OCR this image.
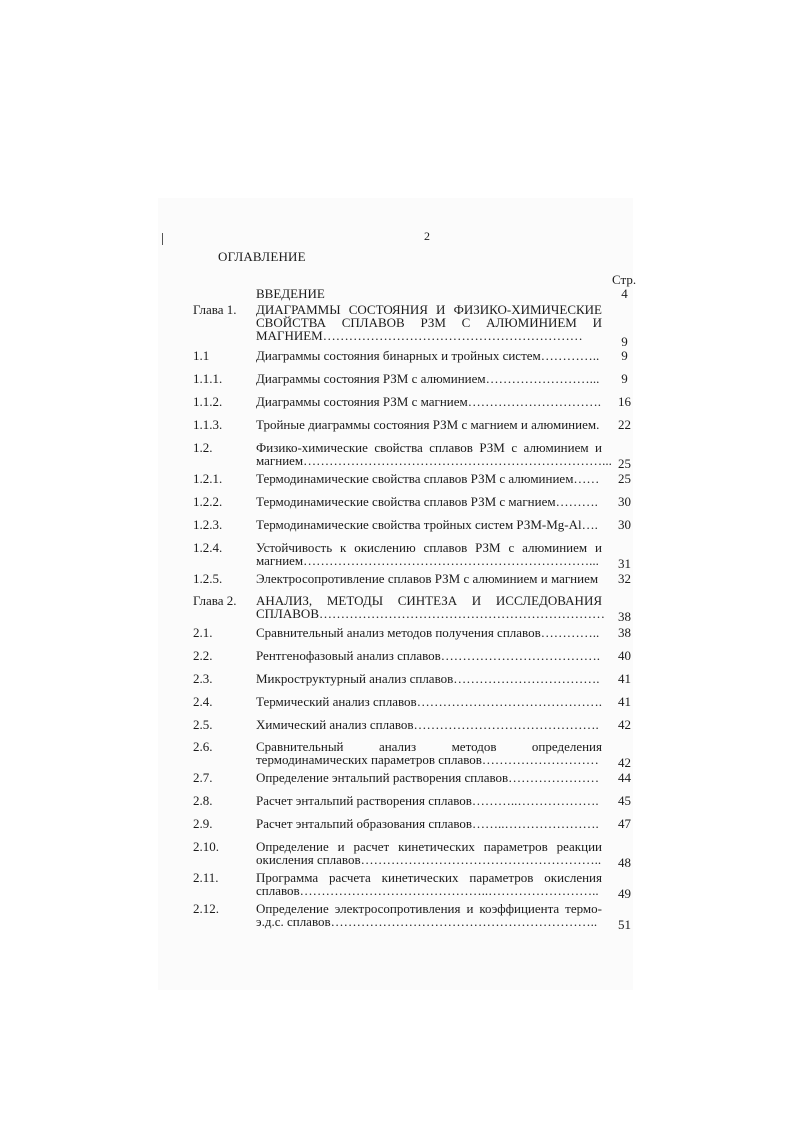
2
ОГЛАВЛЕНИЕ
Стр.
ВВЕДЕНИЕ	4
Глава 1. ДИАГРАММЫ СОСТОЯНИЯ И ФИЗИКО-ХИМИЧЕСКИЕ СВОЙСТВА СПЛАВОВ РЗМ С АЛЮМИНИЕМ И МАГНИЕМ……………………………………………………	9
1.1	Диаграммы состояния бинарных и тройных систем…………..	9
1.1.1.	Диаграммы состояния РЗМ с алюминием……………………...	9
1.1.2.	Диаграммы состояния РЗМ с магнием………………………….	16
1.1.3.	Тройные диаграммы состояния РЗМ с магнием и алюминием.	22
1.2.	Физико-химические свойства сплавов РЗМ с алюминием и магнием……………………………………………………………... 25
1.2.1.	Термодинамические свойства сплавов РЗМ с алюминием……	25
1.2.2.	Термодинамические свойства сплавов РЗМ с магнием……….	30
1.2.3.	Термодинамические свойства тройных систем РЗМ-Mg-Al….	30
1.2.4.	Устойчивость к окислению сплавов РЗМ с алюминием и магнием…………………………………………………………...	31
1.2.5.	Электросопротивление сплавов РЗМ с алюминием и магнием	32
Глава 2. АНАЛИЗ, МЕТОДЫ СИНТЕЗА И ИССЛЕДОВАНИЯ СПЛАВОВ…………………………………………………………	38
2.1.	Сравнительный анализ методов получения сплавов…………..	38
2.2.	Рентгенофазовый анализ сплавов……………………………….	40
2.3.	Микроструктурный анализ сплавов…………………………….	41
2.4.	Термический анализ сплавов…………………………………….	41
2.5.	Химический анализ сплавов…………………………………….	42
2.6.	Сравнительный анализ методов определения термодинамических параметров сплавов………………………	42
2.7.	Определение энтальпий растворения сплавов…………………	44
2.8.	Расчет энтальпий растворения сплавов………..……………….	45
2.9.	Расчет энтальпий образования сплавов……..………………….	47
2.10.	Определение и расчет кинетических параметров реакции окисления сплавов………………………………………………..	48
2.11.	Программа расчета кинетических параметров окисления сплавов……………………………………..……………………..	49
2.12.	Определение электросопротивления и коэффициента термо-э.д.с. сплавов……………………………………………………..	51
